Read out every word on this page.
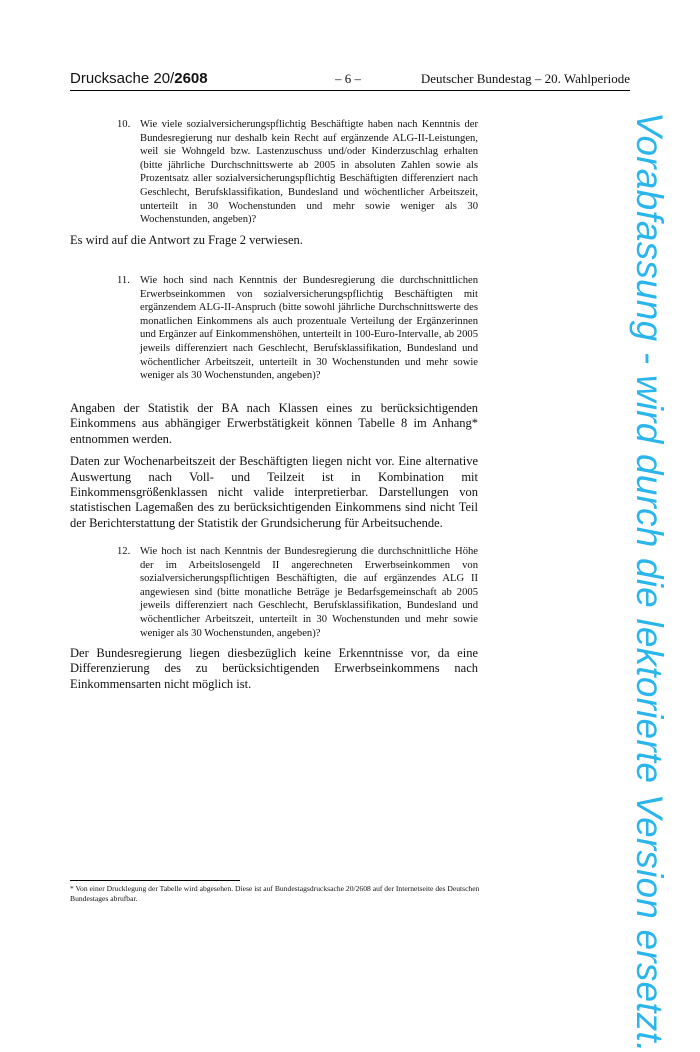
Drucksache 20/2608	– 6 –	Deutscher Bundestag – 20. Wahlperiode
10. Wie viele sozialversicherungspflichtig Beschäftigte haben nach Kenntnis der Bundesregierung nur deshalb kein Recht auf ergänzende ALG-II-Leistungen, weil sie Wohngeld bzw. Lastenzuschuss und/oder Kinderzuschlag erhalten (bitte jährliche Durchschnittswerte ab 2005 in absoluten Zahlen sowie als Prozentsatz aller sozialversicherungspflichtig Beschäftigten differenziert nach Geschlecht, Berufsklassifikation, Bundesland und wöchentlicher Arbeitszeit, unterteilt in 30 Wochenstunden und mehr sowie weniger als 30 Wochenstunden, angeben)?

Es wird auf die Antwort zu Frage 2 verwiesen.

11. Wie hoch sind nach Kenntnis der Bundesregierung die durchschnittlichen Erwerbseinkommen von sozialversicherungspflichtig Beschäftigten mit ergänzendem ALG-II-Anspruch (bitte sowohl jährliche Durchschnittswerte des monatlichen Einkommens als auch prozentuale Verteilung der Ergänzerinnen und Ergänzer auf Einkommenshöhen, unterteilt in 100-Euro-Intervalle, ab 2005 jeweils differenziert nach Geschlecht, Berufsklassifikation, Bundesland und wöchentlicher Arbeitszeit, unterteilt in 30 Wochenstunden und mehr sowie weniger als 30 Wochenstunden, angeben)?

Angaben der Statistik der BA nach Klassen eines zu berücksichtigenden Einkommens aus abhängiger Erwerbstätigkeit können Tabelle 8 im Anhang* entnommen werden.

Daten zur Wochenarbeitszeit der Beschäftigten liegen nicht vor. Eine alternative Auswertung nach Voll- und Teilzeit ist in Kombination mit Einkommensgrößenklassen nicht valide interpretierbar. Darstellungen von statistischen Lagemaßen des zu berücksichtigenden Einkommens sind nicht Teil der Berichterstattung der Statistik der Grundsicherung für Arbeitsuchende.

12. Wie hoch ist nach Kenntnis der Bundesregierung die durchschnittliche Höhe der im Arbeitslosengeld II angerechneten Erwerbseinkommen von sozialversicherungspflichtigen Beschäftigten, die auf ergänzendes ALG II angewiesen sind (bitte monatliche Beträge je Bedarfsgemeinschaft ab 2005 jeweils differenziert nach Geschlecht, Berufsklassifikation, Bundesland und wöchentlicher Arbeitszeit, unterteilt in 30 Wochenstunden und mehr sowie weniger als 30 Wochenstunden, angeben)?

Der Bundesregierung liegen diesbezüglich keine Erkenntnisse vor, da eine Differenzierung des zu berücksichtigenden Erwerbseinkommens nach Einkommensarten nicht möglich ist.

* Von einer Drucklegung der Tabelle wird abgesehen. Diese ist auf Bundestagsdrucksache 20/2608 auf der Internetseite des Deutschen Bundestages abrufbar.	Vorabfassung - wird durch die lektorierte Version ersetzt.
